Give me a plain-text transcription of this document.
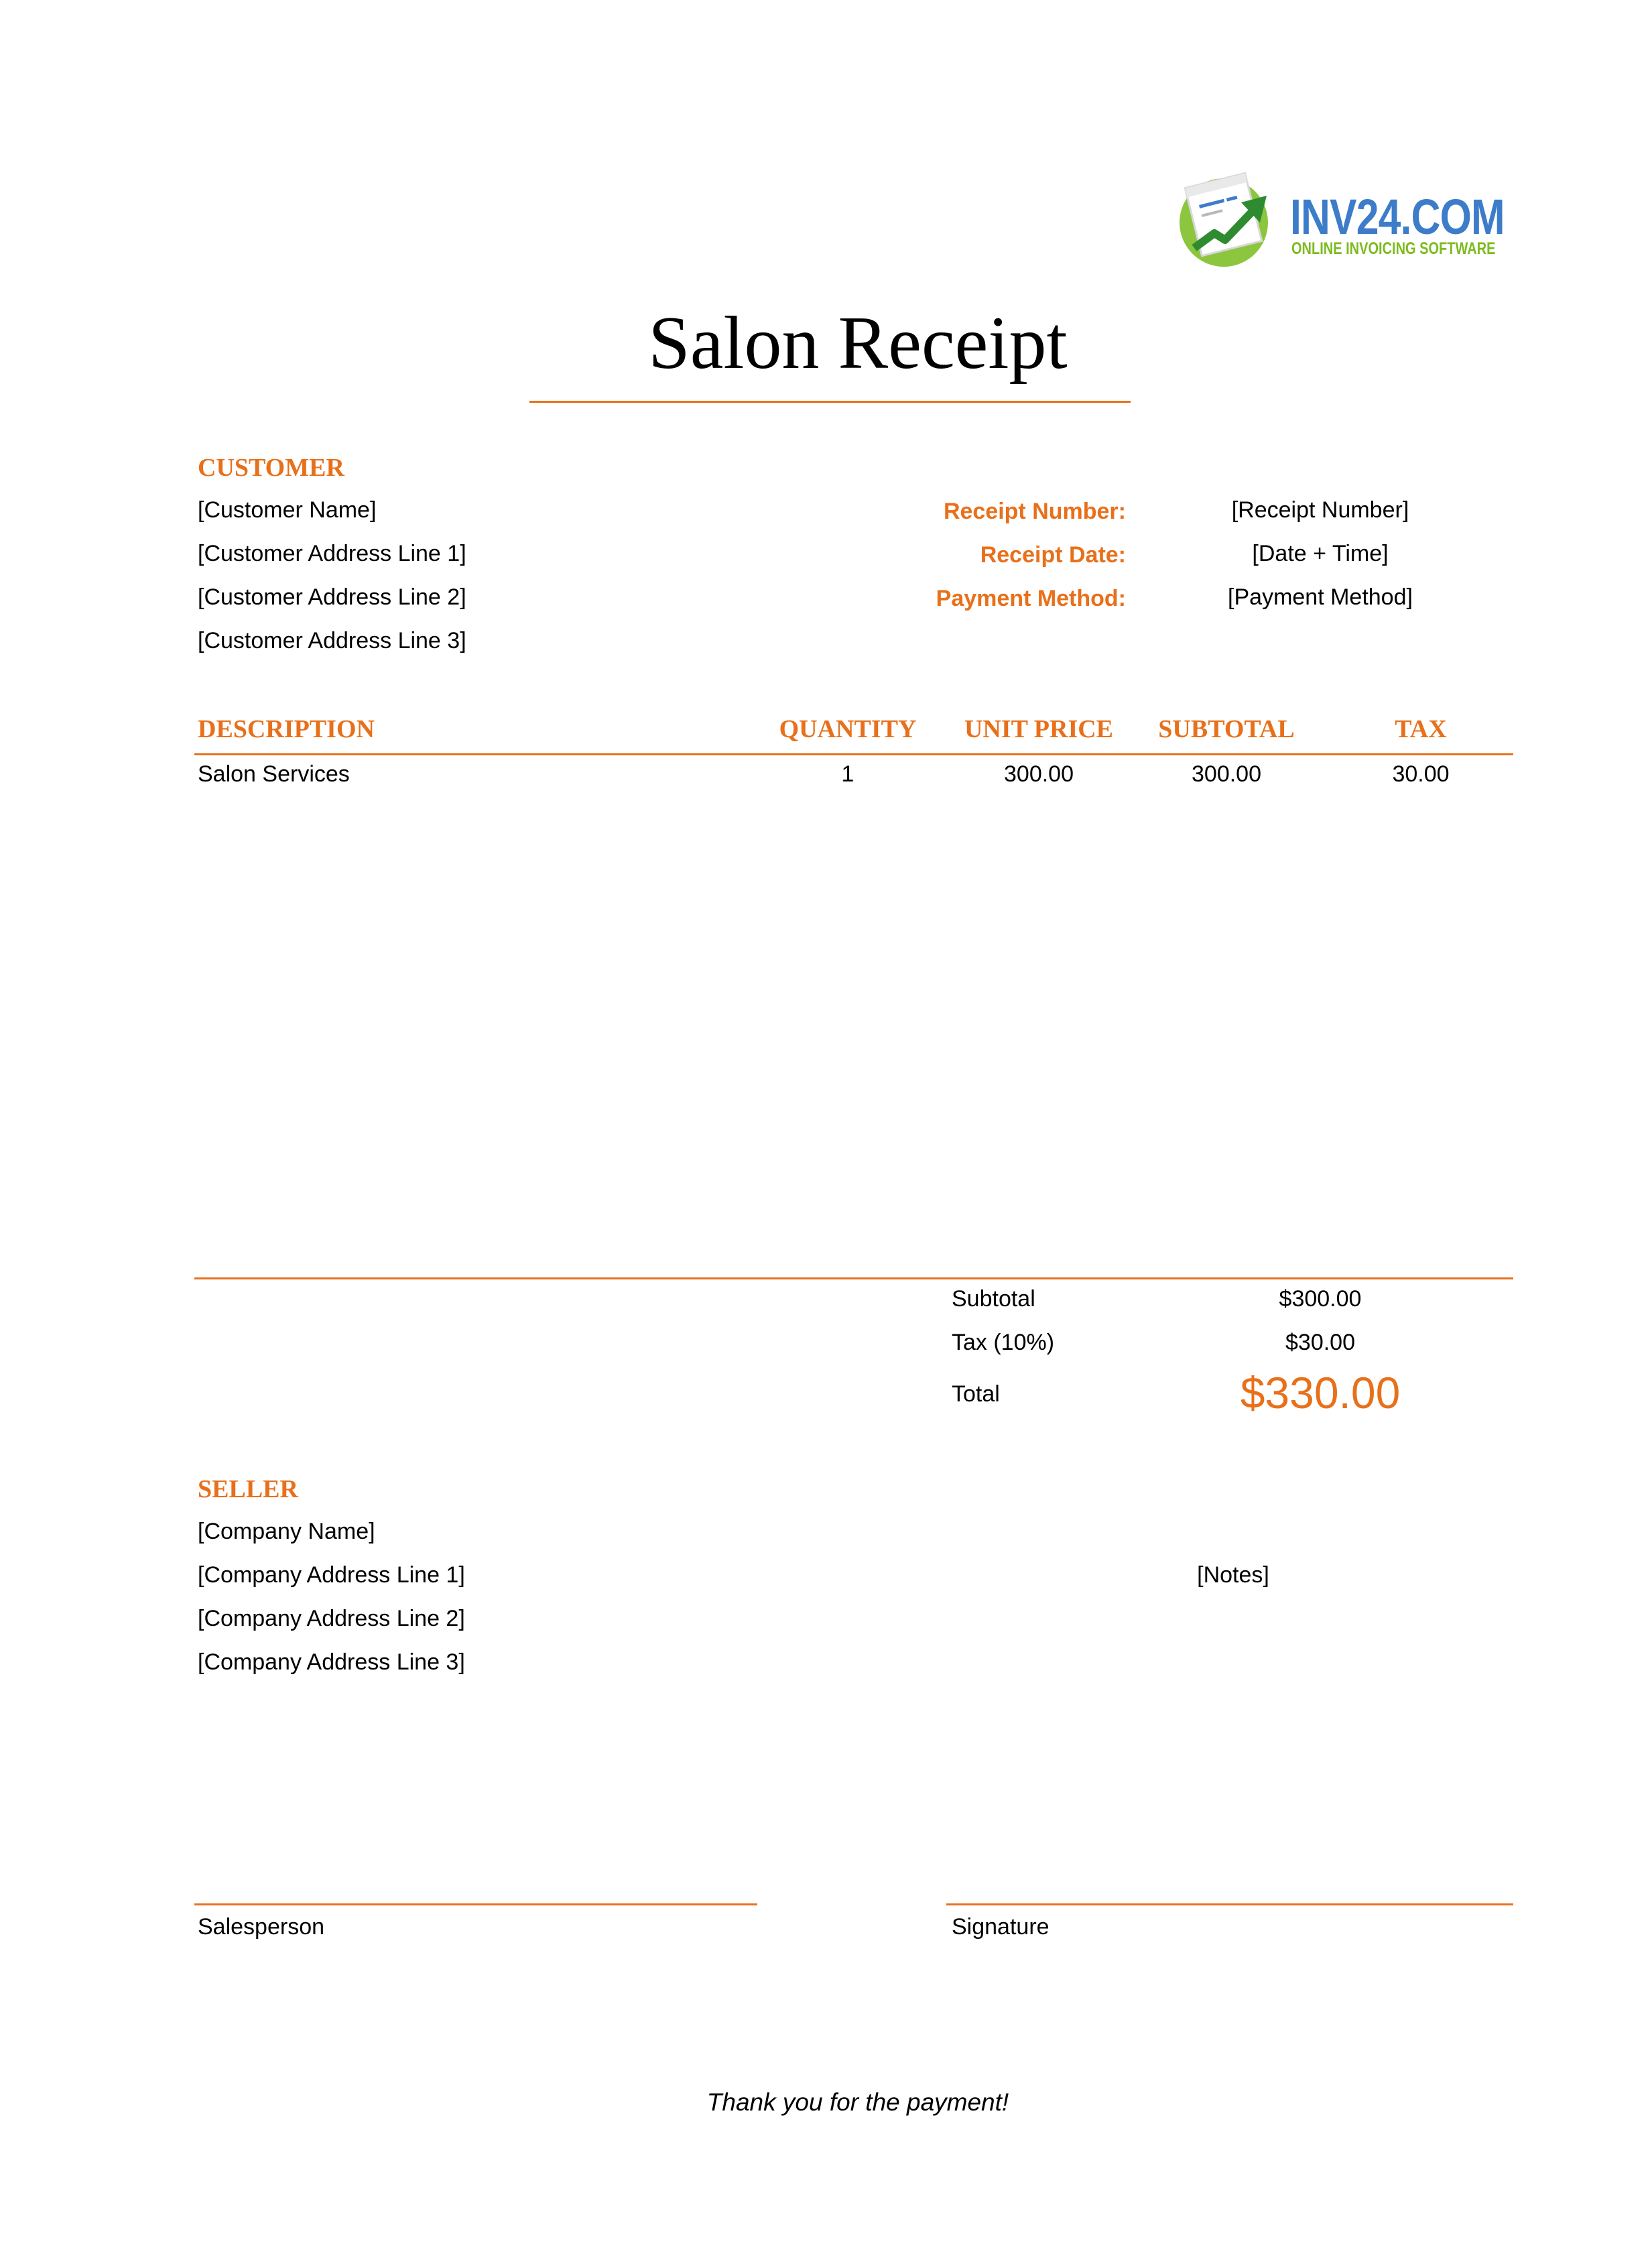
INV24.COM
ONLINE INVOICING SOFTWARE
Salon Receipt
CUSTOMER
[Customer Name]
[Customer Address Line 1]
[Customer Address Line 2]
[Customer Address Line 3]
Receipt Number:	[Receipt Number]
Receipt Date:	[Date + Time]
Payment Method:	[Payment Method]
DESCRIPTION	QUANTITY	UNIT PRICE	SUBTOTAL	TAX
Salon Services	1	300.00	300.00	30.00
Subtotal	$300.00
Tax (10%)	$30.00
Total	$330.00
SELLER
[Company Name]
[Company Address Line 1]
[Company Address Line 2]
[Company Address Line 3]
[Notes]
Salesperson	Signature
Thank you for the payment!
